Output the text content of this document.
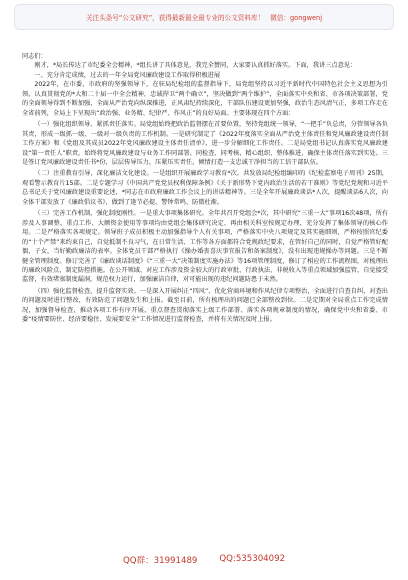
关注头条号“公文研究”，获得最新最全最专业的公文资料库！ 微信：gongwenj

同志们：

刚才，*局长传达了市纪委全会精神，*组长讲了具体意见，我完全赞同，大家要认真抓好落实。下面，我讲三点意见：

一、充分肯定成绩，过去的一年全局党风廉政建设工作取得积极进展

2022年，在市委、市政府的坚强领导下，在驻局纪检组的监督指导下，局党组坚持以习近平新时代中国特色社会主义思想为引领，认真贯彻党的*大和二十届一中全会精神，忠诚捍卫“两个确立”，坚决做到“两个维护”，全面落实中央和省、市各项决策部署，党的全面领导得到不断加强，全面从严治党向纵深推进，正风肃纪持续深化，干部队伍建设更加坚强，政治生态风清气正，多项工作走在全省前列，全局上下呈现出“政治强、业务精、纪律严、作风正”的良好局面。主要体现在四个方面：

（一）强化组织领导，紧抓责任落实。局党组始终把政治监督摆在首要位置，坚持党组统一领导，“一把手”负总责，分管领导各负其责，形成一级抓一级、一级对一级负责的工作机制。一是研究制定了《2022年度落实全面从严治党主体责任和党风廉政建设责任制工作方案》和《党组及其成员2022年党风廉政建设主体责任清单》，进一步分解细化工作责任。二是局党组书记认真落实党风廉政建设“第一责任人”职责，始终将党风廉政建设与业务工作同部署、同检查、同考核，精心组织、整体推进，确保主体责任落实到实处。三是签订党风廉政建设责任书*份，层层传导压力，压紧压实责任，倾情打造一支忠诚干净担当的工信干部队伍。

（二）注重教育引导，深化廉洁文化建设。一是组织开展廉政学习教育*次，共发放局纪检组编印的《纪检监察电子周刊》25期，观看警示教育片15部。二是专题学习《中国共产党党员权利保障条例》《关于新形势下党内政治生活的若干准则》等党纪党规和习近平总书记关于党风廉政建设重要论述，*同志在市政府廉政工作会议上的讲话精神等。三是全年开展廉政谈话*人次，提醒谈话6人次，向全体干部发放了《廉政倡议书》，做到了逢节必提、警钟常鸣、防微杜渐。

（三）完善工作机制，强化制度刚性。一是重大事项集体研究。全年共召开党组会*次，其中研究“三重一大”事项16次48项，所有涉及人事调整、重点工作、大额资金使用等事项均由党组会集体研究决定，再由相关科室按规定办理，充分发挥了集体领导的核心作用。二是严格落实各项规定。领导班子成员积极主动加强指导个人有关事项，严格落实中央八项规定及其实施细则，严格按照官纪委的“十个严禁”来约束自己，自觉抵制不良习气，在日常生活、工作等各方面都符合党规政纪要求，在管好自己的同时，自觉严格管好配偶、子女，当好勤政廉洁的表率。全体党员干部严格执行《操办婚丧喜庆事宜报告和备案制度》，没有出现违规操办等问题。三是不断健全管理制度。修订完善了《廉政谈话制度》《“三重一大”决策制度实施办法》等16项管理制度，修订了相应的工作流程图，对梳理出的廉政风险点，制定防控措施。在公开领域、对应工作涉及资金较大的行政审批、行政执法、非税收入等重点领域加强监管，自觉接受监督，有效堵塞制度漏洞，规范权力运行，加强廉洁自律，对可能出现的违纪问题防患于未然。

（四）强化监督检查，提升监督实效。一是深入开展纠正“四风”、优化营商环境和作风纪律专项整治，全面进行自查自纠，对查出的问题及时进行整改，有效防范了问题发生和上报。截至目前，所有梳理出的问题已全部整改到位。二是定期对全局重点工作完成情况，加强督导检查，推动各项工作有序开展，重点督查贯彻落实上级工作部署、落实各项规章制度的情况，确保党中央和省委、市委“疫情要防住、经济要稳住、发展要安全”工作情况进行监督检查，并将有关情况及时上报。

QQ群：31991489	QQ:535304092
